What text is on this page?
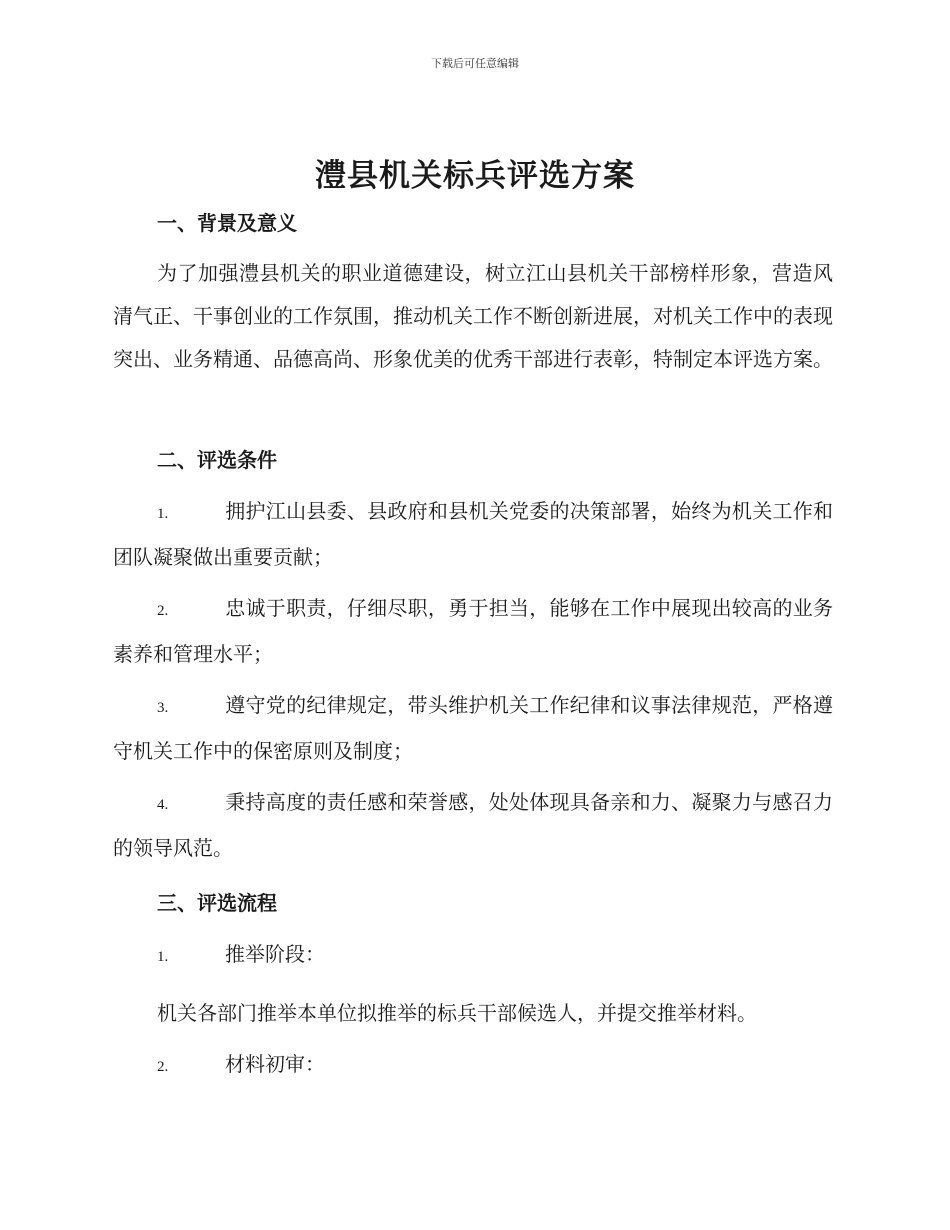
下载后可任意编辑
澧县机关标兵评选方案
一、背景及意义

为了加强澧县机关的职业道德建设，树立江山县机关干部榜样形象，营造风清气正、干事创业的工作氛围，推动机关工作不断创新进展，对机关工作中的表现突出、业务精通、品德高尚、形象优美的优秀干部进行表彰，特制定本评选方案。

二、评选条件
1.	拥护江山县委、县政府和县机关党委的决策部署，始终为机关工作和团队凝聚做出重要贡献；
2.	忠诚于职责，仔细尽职，勇于担当，能够在工作中展现出较高的业务素养和管理水平；
3.	遵守党的纪律规定，带头维护机关工作纪律和议事法律规范，严格遵守机关工作中的保密原则及制度；
4.	秉持高度的责任感和荣誉感，处处体现具备亲和力、凝聚力与感召力的领导风范。
三、评选流程
1.	推举阶段：

机关各部门推举本单位拟推举的标兵干部候选人，并提交推举材料。

2.	材料初审：
